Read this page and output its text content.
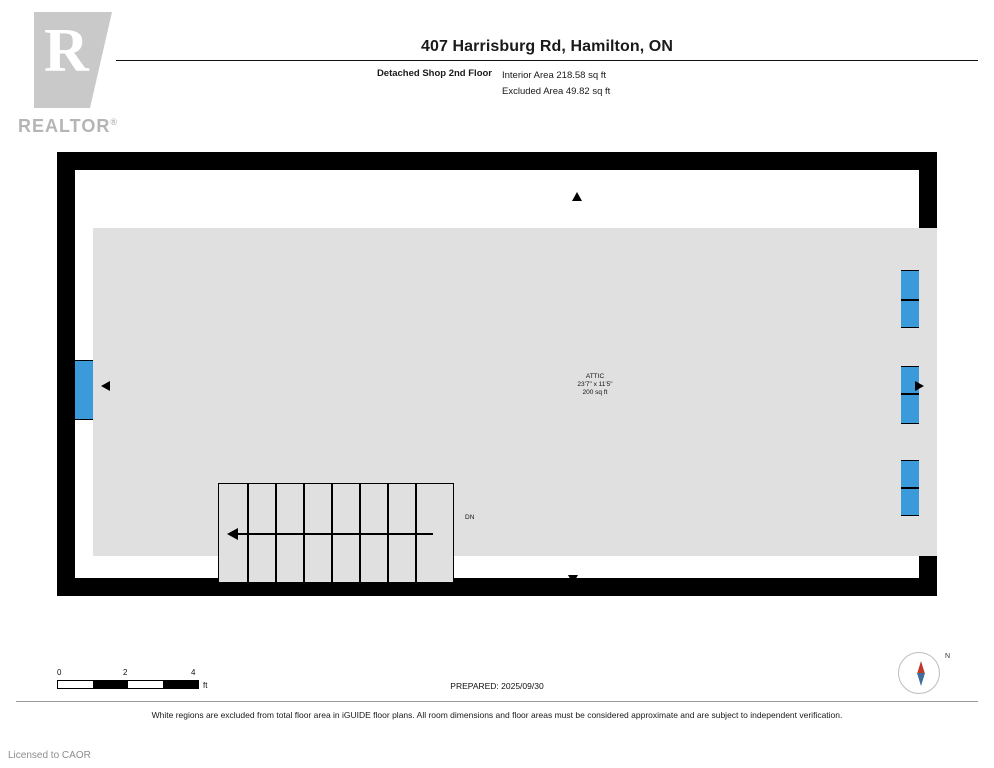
R
REALTOR®
407 Harrisburg Rd, Hamilton, ON
Detached Shop 2nd Floor Interior Area 218.58 sq ft
Excluded Area 49.82 sq ft
ATTIC
23'7" x 11'5"
200 sq ft
DN
0	2	4
ft	PREPARED: 2025/09/30
N
White regions are excluded from total floor area in iGUIDE floor plans. All room dimensions and floor areas must be considered approximate and are subject to independent verification.
Licensed to CAOR
